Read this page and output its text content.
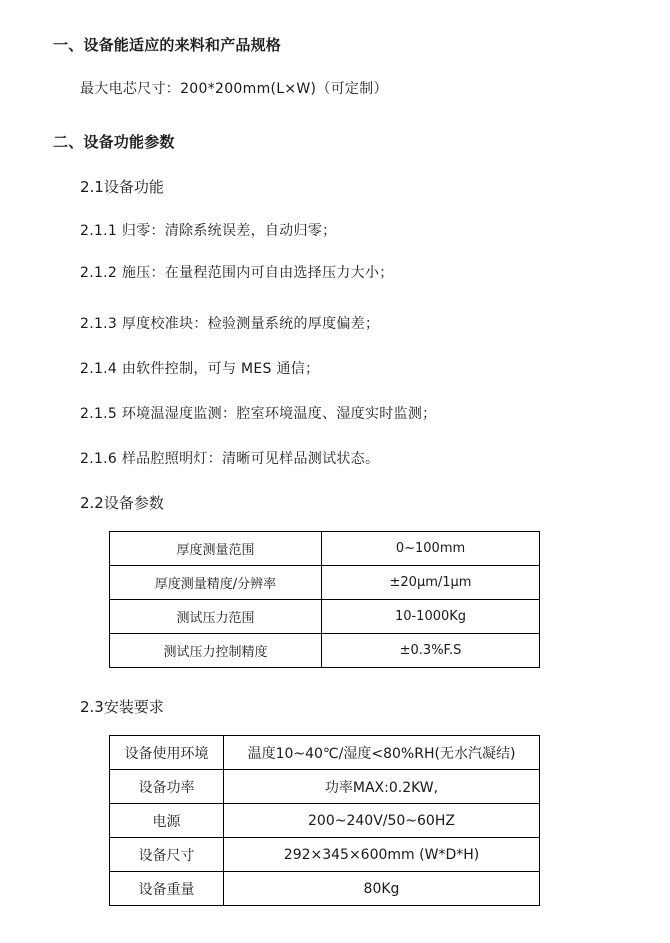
一、设备能适应的来料和产品规格
最大电芯尺寸：200*200mm(L×W)（可定制）
二、设备功能参数
2.1设备功能
2.1.1 归零：清除系统误差，自动归零；
2.1.2 施压：在量程范围内可自由选择压力大小；
2.1.3 厚度校准块：检验测量系统的厚度偏差；
2.1.4 由软件控制，可与 MES 通信；
2.1.5 环境温湿度监测：腔室环境温度、湿度实时监测；
2.1.6 样品腔照明灯：清晰可见样品测试状态。
2.2设备参数
厚度测量范围	0~100mm
厚度测量精度/分辨率	±20μm/1μm
测试压力范围	10-1000Kg
测试压力控制精度	±0.3%F.S
2.3安装要求
设备使用环境	温度10~40℃/湿度<80%RH(无水汽凝结)
设备功率	功率MAX:0.2KW,
电源	200~240V/50~60HZ
设备尺寸	292×345×600mm (W*D*H)
设备重量	80Kg
